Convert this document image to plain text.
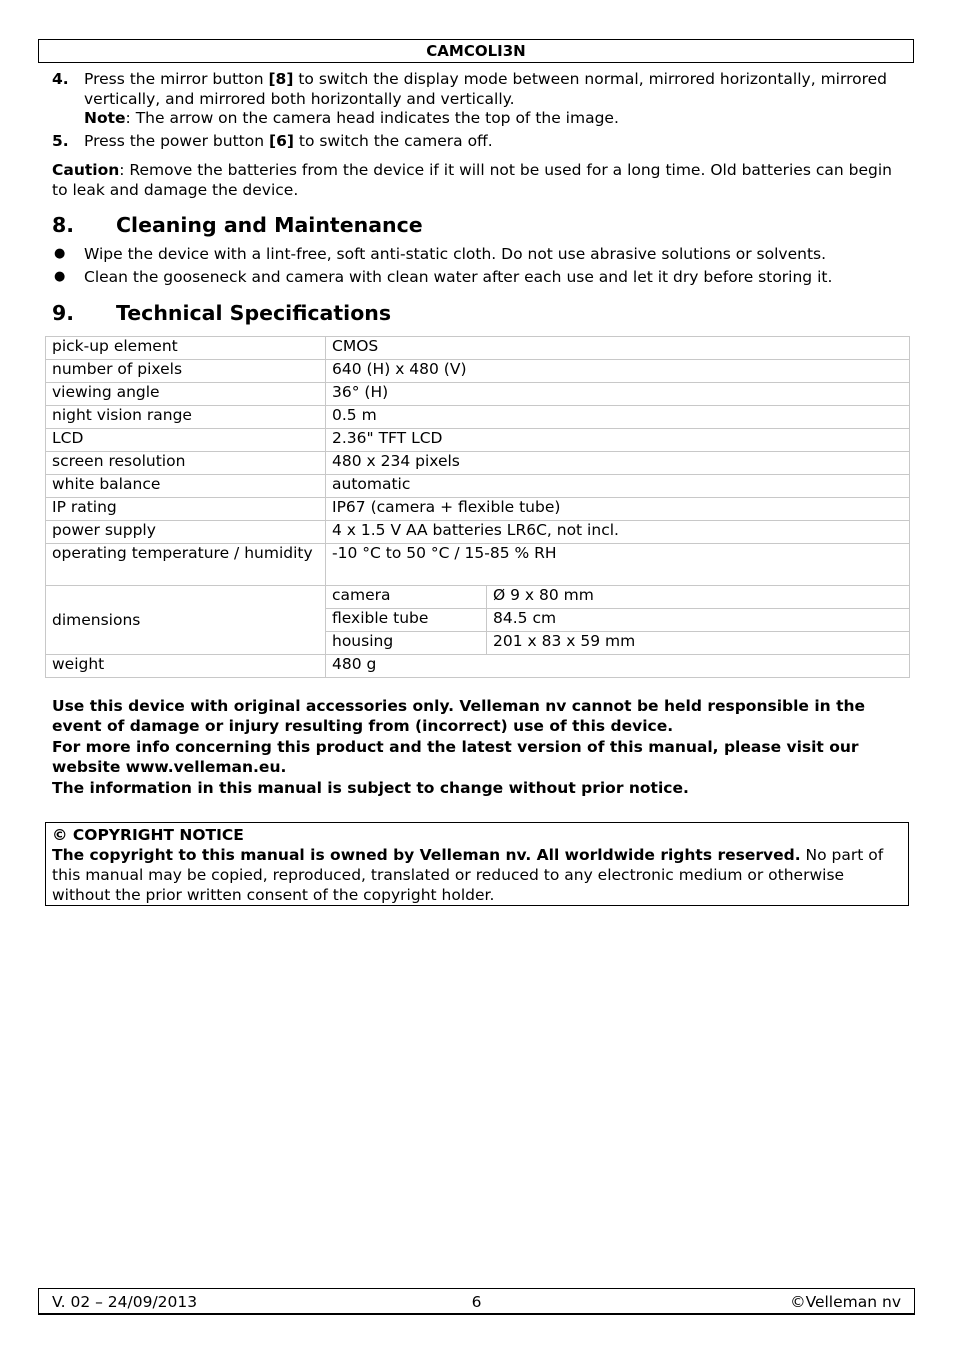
CAMCOLI3N
4. Press the mirror button [8] to switch the display mode between normal, mirrored horizontally, mirrored vertically, and mirrored both horizontally and vertically.
Note: The arrow on the camera head indicates the top of the image.
5. Press the power button [6] to switch the camera off.
Caution: Remove the batteries from the device if it will not be used for a long time. Old batteries can begin to leak and damage the device.
8.	Cleaning and Maintenance
● Wipe the device with a lint-free, soft anti-static cloth. Do not use abrasive solutions or solvents.
● Clean the gooseneck and camera with clean water after each use and let it dry before storing it.
9.	Technical Specifications
pick-up element	CMOS	
number of pixels	640 (H) x 480 (V)	
viewing angle	36° (H)	
night vision range	0.5 m	
LCD	2.36" TFT LCD	
screen resolution	480 x 234 pixels	
white balance	automatic	
IP rating	IP67 (camera + flexible tube)	
power supply	4 x 1.5 V AA batteries LR6C, not incl.	
operating temperature / humidity	-10 °C to 50 °C / 15-85 % RH	
dimensions	camera	Ø 9 x 80 mm
	flexible tube	84.5 cm
	housing	201 x 83 x 59 mm
weight	480 g	

Use this device with original accessories only. Velleman nv cannot be held responsible in the event of damage or injury resulting from (incorrect) use of this device.

For more info concerning this product and the latest version of this manual, please visit our website www.velleman.eu.

The information in this manual is subject to change without prior notice.

© COPYRIGHT NOTICE
The copyright to this manual is owned by Velleman nv. All worldwide rights reserved. No part of this manual may be copied, reproduced, translated or reduced to any electronic medium or otherwise without the prior written consent of the copyright holder.
6
V. 02 – 24/09/2013	©Velleman nv
